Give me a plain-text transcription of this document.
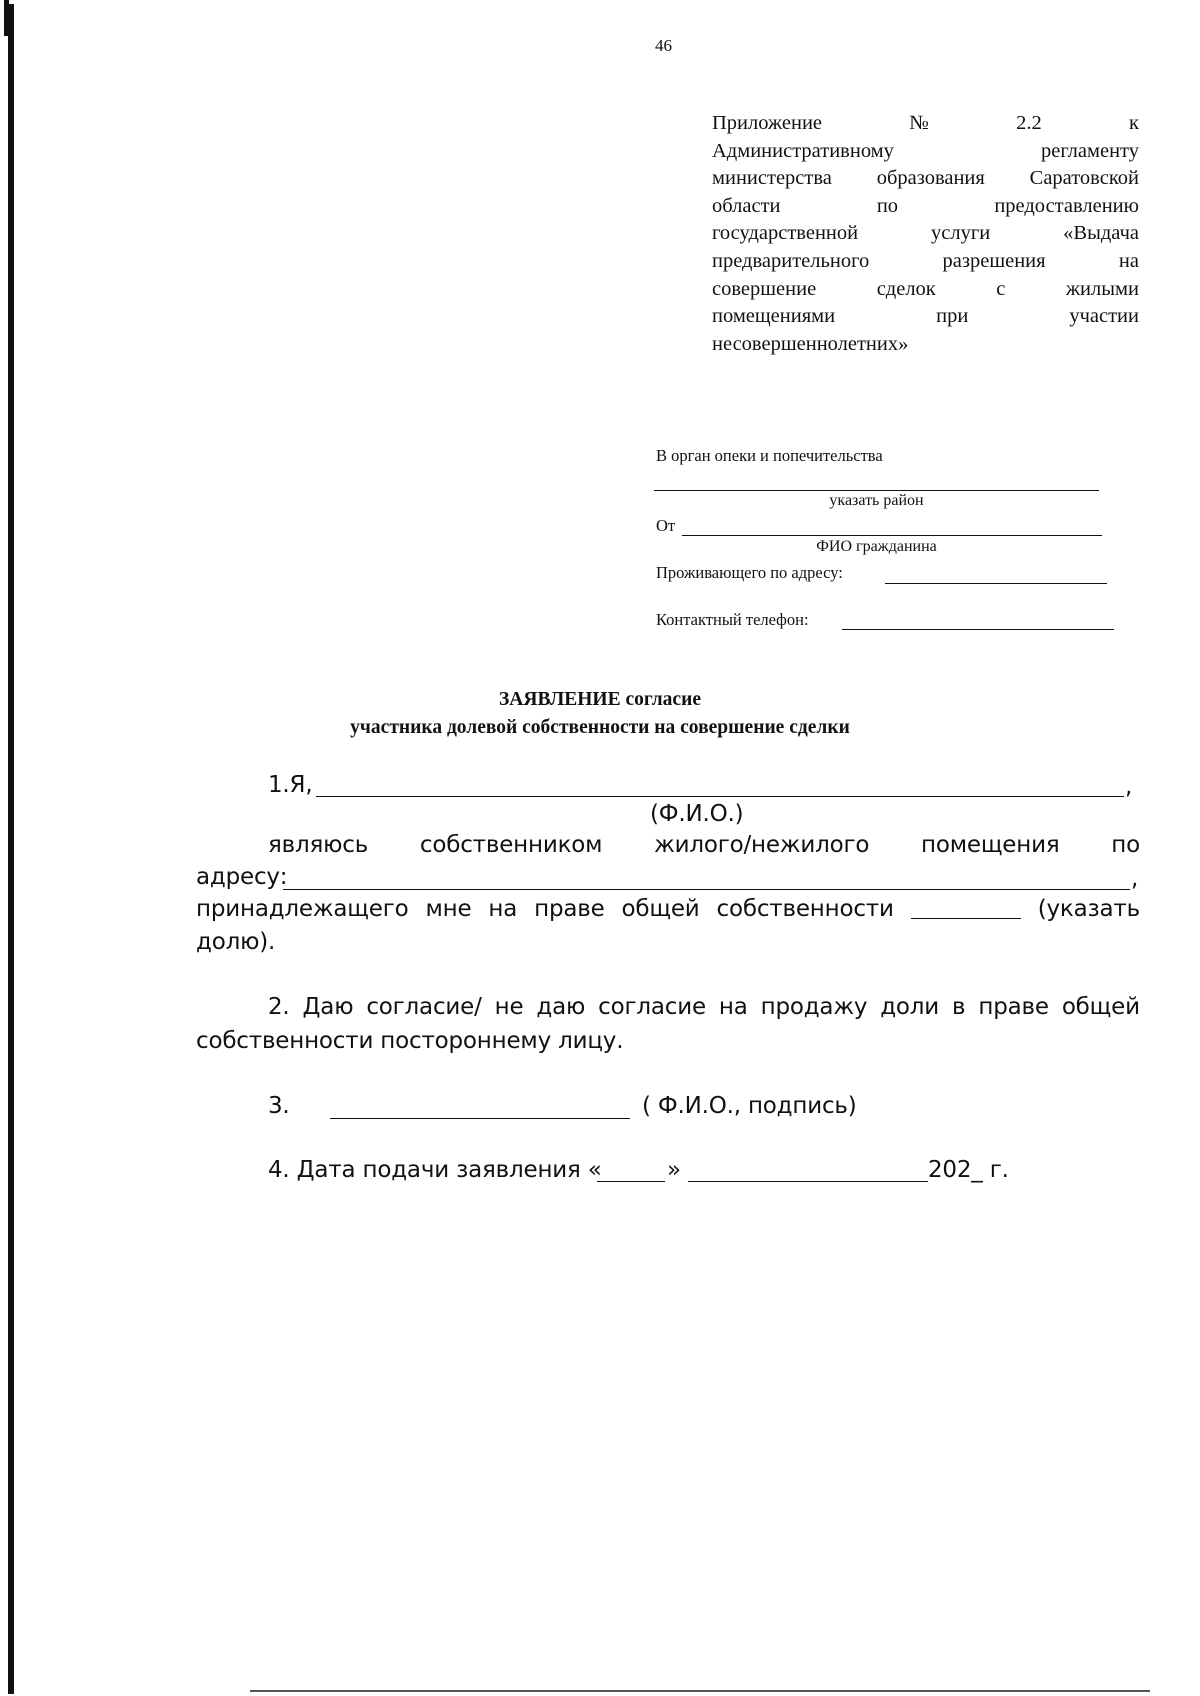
46
Приложение	№	2.2	к
Административному	регламенту
министерства образования Саратовской
области	по	предоставлению
государственной	услуги	«Выдача
предварительного	разрешения	на
совершение	сделок	с	жилыми
помещениями	при	участии
несовершеннолетних»
В орган опеки и попечительства
указать район
От
ФИО гражданина
Проживающего по адресу:
Контактный телефон:
ЗАЯВЛЕНИЕ согласие
участника долевой собственности на совершение сделки
1.Я,	,
(Ф.И.О.)
являюсь собственником жилого/нежилого помещения по
адресу:	,
принадлежащего мне на праве общей собственности	(указать
долю).
2. Даю согласие/ не даю согласие на продажу доли в праве общей
собственности постороннему лицу.
3.	( Ф.И.О., подпись)
4. Дата подачи заявления «	»	202_ г.
